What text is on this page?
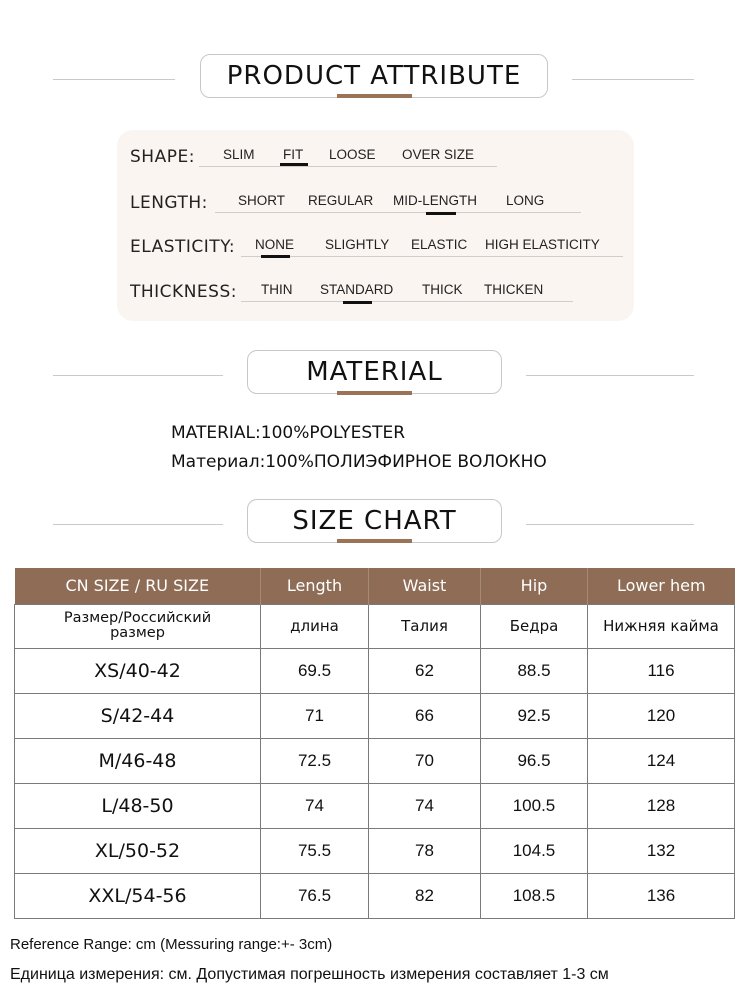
PRODUCT ATTRIBUTE
SHAPE: SLIM FIT LOOSE OVER SIZE
LENGTH: SHORT REGULAR MID-LENGTH LONG
ELASTICITY: NONE SLIGHTLY ELASTIC HIGH ELASTICITY
THICKNESS: THIN STANDARD THICK THICKEN
MATERIAL
MATERIAL:100%POLYESTER
Материал:100%ПОЛИЭФИРНОЕ ВОЛОКНО
SIZE CHART
CN SIZE / RU SIZE	Length	Waist	Hip	Lower hem
Размер/Российский
размер	длина	Талия	Бедра	Нижняя кайма
XS/40-42	69.5	62	88.5	116
S/42-44	71	66	92.5	120
M/46-48	72.5	70	96.5	124
L/48-50	74	74	100.5	128
XL/50-52	75.5	78	104.5	132
XXL/54-56	76.5	82	108.5	136
Reference Range: cm (Messuring range:+- 3cm)
Единица измерения: см. Допустимая погрешность измерения составляет 1-3 см
